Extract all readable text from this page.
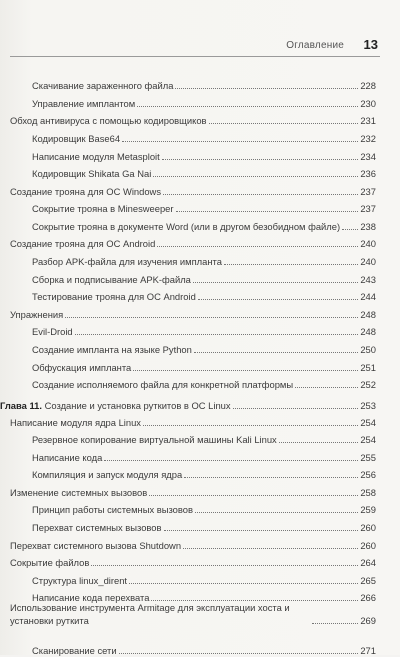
Оглавление 13
Скачивание зараженного файла	228
Управление имплантом	230
Обход антивируса с помощью кодировщиков	231
Кодировщик Base64	232
Написание модуля Metasploit	234
Кодировщик Shikata Ga Nai	236
Создание трояна для ОС Windows	237
Сокрытие трояна в Minesweeper	237
Сокрытие трояна в документе Word (или в другом безобидном файле) 238
Создание трояна для ОС Android	240
Разбор APK-файла для изучения импланта	240
Сборка и подписывание APK-файла	243
Тестирование трояна для ОС Android	244
Упражнения	248
Evil-Droid	248
Создание импланта на языке Python	250
Обфускация импланта	251
Создание исполняемого файла для конкретной платформы	252
Глава 11. Создание и установка руткитов в ОС Linux	253
Написание модуля ядра Linux	254
Резервное копирование виртуальной машины Kali Linux	254
Написание кода	255
Компиляция и запуск модуля ядра	256
Изменение системных вызовов	258
Принцип работы системных вызовов	259
Перехват системных вызовов	260
Перехват системного вызова Shutdown	260
Сокрытие файлов	264
Структура linux_dirent	265
Написание кода перехвата	266
Использование инструмента Armitage для эксплуатации хоста и установки руткита	269
Сканирование сети	271
